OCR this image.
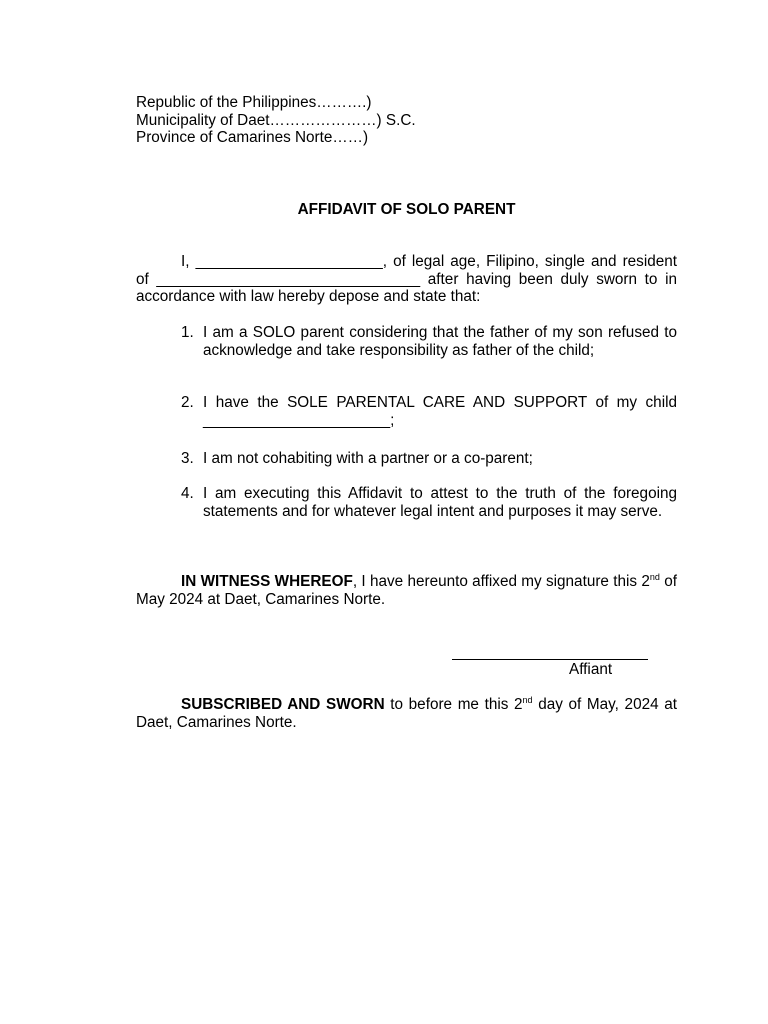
Republic of the Philippines……….)
Municipality of Daet…………………) S.C.
Province of Camarines Norte……)
AFFIDAVIT OF SOLO PARENT
I, ______________________, of legal age, Filipino, single and resident of _______________________________ after having been duly sworn to in accordance with law hereby depose and state that:
1. I am a SOLO parent considering that the father of my son refused to acknowledge and take responsibility as father of the child;
2. I have the SOLE PARENTAL CARE AND SUPPORT of my child ______________________;
3. I am not cohabiting with a partner or a co-parent;
4. I am executing this Affidavit to attest to the truth of the foregoing statements and for whatever legal intent and purposes it may serve.
IN WITNESS WHEREOF, I have hereunto affixed my signature this 2nd of May 2024 at Daet, Camarines Norte.
Affiant
SUBSCRIBED AND SWORN to before me this 2nd day of May, 2024 at Daet, Camarines Norte.
